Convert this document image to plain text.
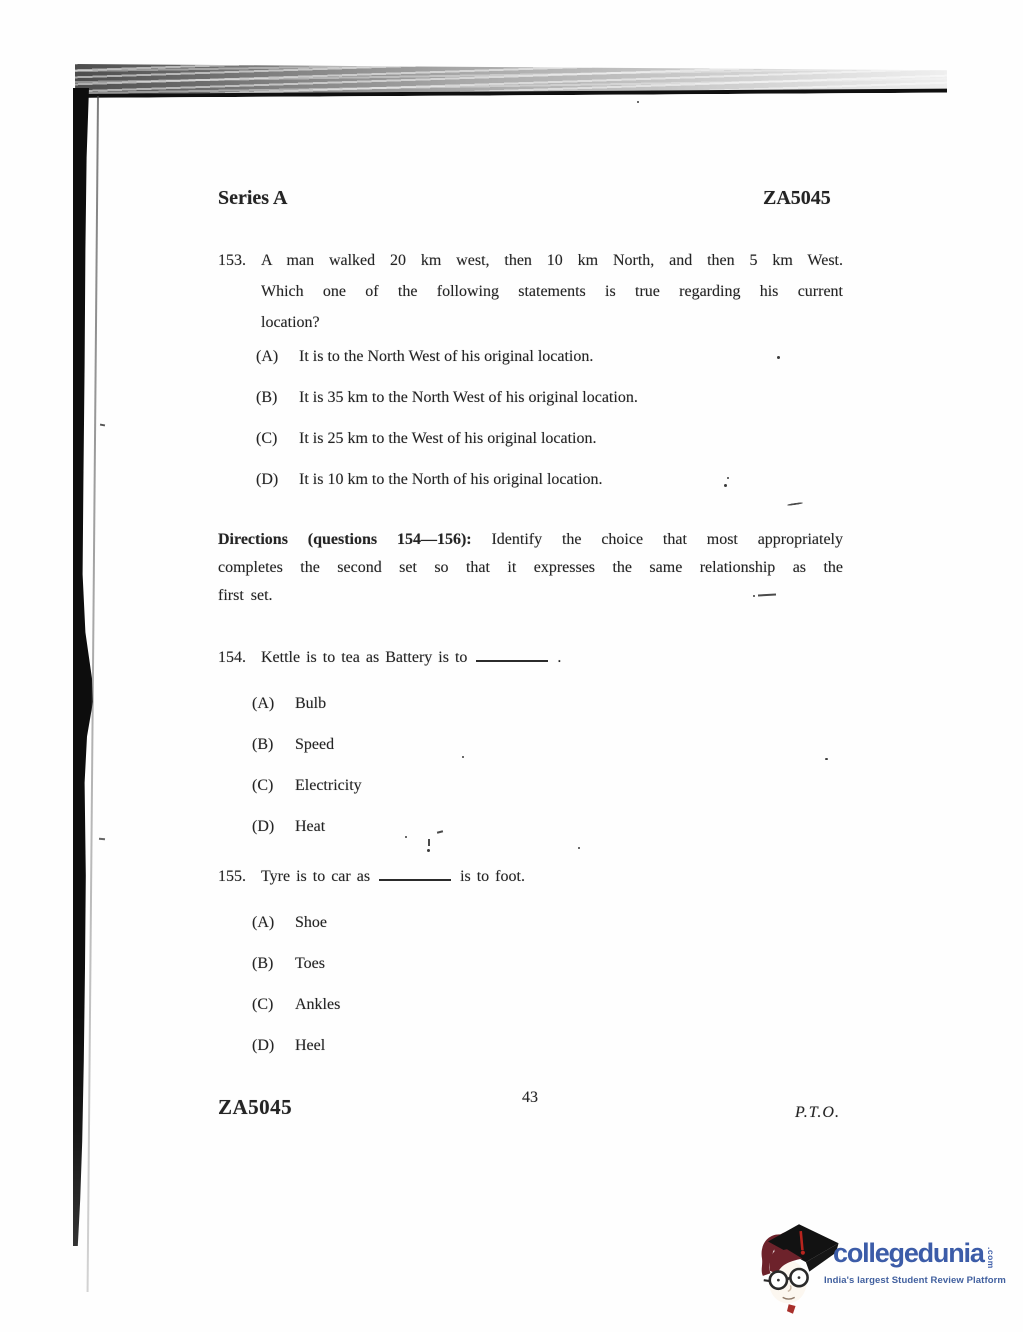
Series A	ZA5045
153. A man walked 20 km west, then 10 km North, and then 5 km West.
Which one of the following statements is true regarding his current
location?
(A) It is to the North West of his original location.
(B) It is 35 km to the North West of his original location.
(C) It is 25 km to the West of his original location.
(D) It is 10 km to the North of his original location.
Directions (questions 154—156): Identify the choice that most appropriately
completes the second set so that it expresses the same relationship as the
first set.
154. Kettle is to tea as Battery is to	.
(A) Bulb
(B) Speed
(C) Electricity
(D) Heat
155. Tyre is to car as	is to foot.
(A) Shoe
(B) Toes
(C) Ankles
(D) Heel
ZA5045	43
P.T.O.
collegedunia .com
India's largest Student Review Platform
